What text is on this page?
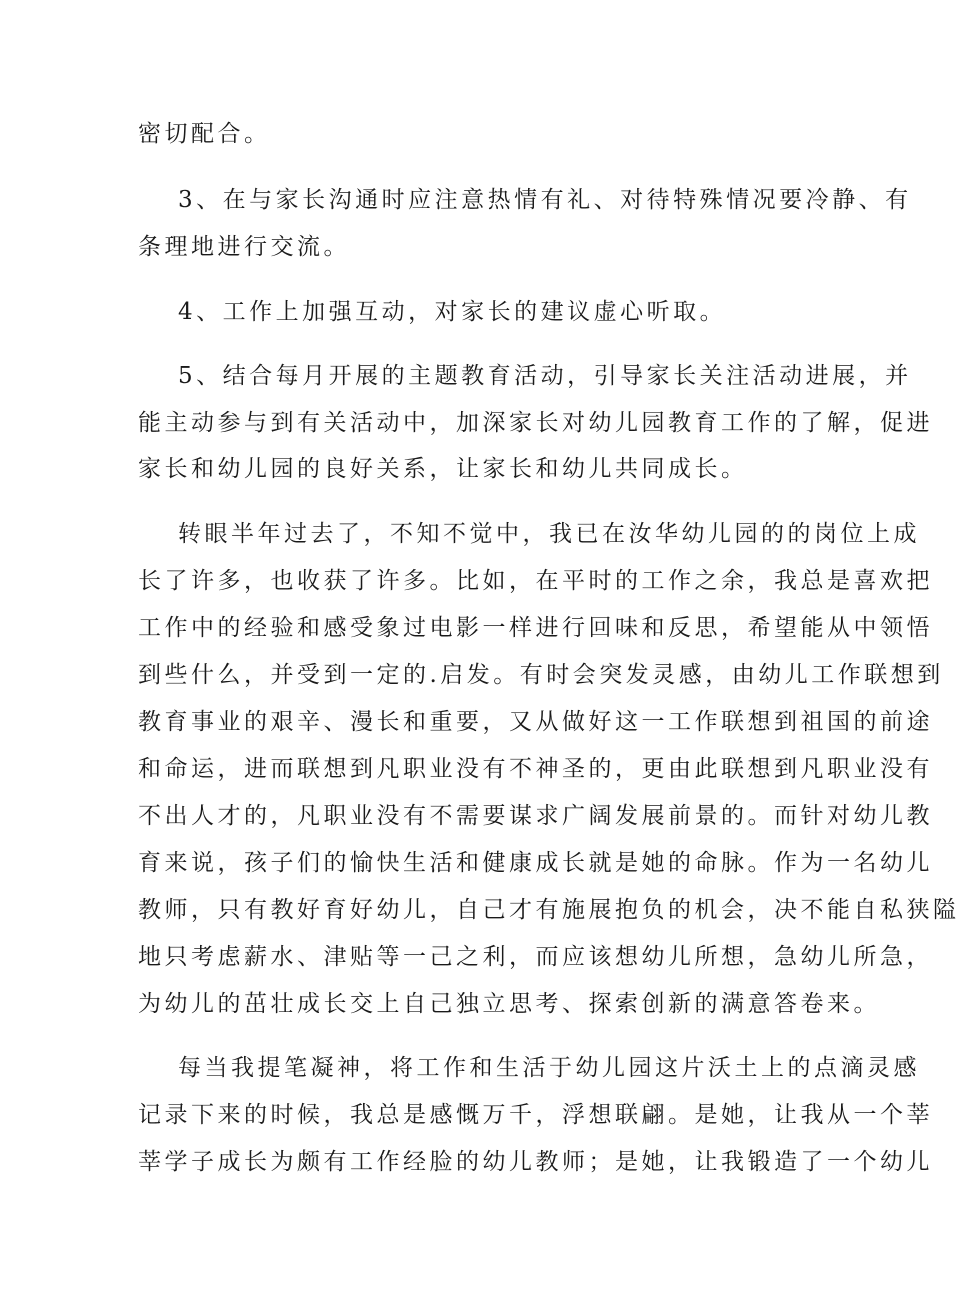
密切配合。
3、在与家长沟通时应注意热情有礼、对待特殊情况要冷静、有
条理地进行交流。
4、工作上加强互动，对家长的建议虚心听取。
5、结合每月开展的主题教育活动，引导家长关注活动进展，并
能主动参与到有关活动中，加深家长对幼儿园教育工作的了解，促进
家长和幼儿园的良好关系，让家长和幼儿共同成长。
转眼半年过去了，不知不觉中，我已在汝华幼儿园的的岗位上成
长了许多，也收获了许多。比如，在平时的工作之余，我总是喜欢把
工作中的经验和感受象过电影一样进行回味和反思，希望能从中领悟
到些什么，并受到一定的.启发。有时会突发灵感，由幼儿工作联想到
教育事业的艰辛、漫长和重要，又从做好这一工作联想到祖国的前途
和命运，进而联想到凡职业没有不神圣的，更由此联想到凡职业没有
不出人才的，凡职业没有不需要谋求广阔发展前景的。而针对幼儿教
育来说，孩子们的愉快生活和健康成长就是她的命脉。作为一名幼儿
教师，只有教好育好幼儿，自己才有施展抱负的机会，决不能自私狭隘
地只考虑薪水、津贴等一己之利，而应该想幼儿所想，急幼儿所急，
为幼儿的茁壮成长交上自己独立思考、探索创新的满意答卷来。
每当我提笔凝神，将工作和生活于幼儿园这片沃土上的点滴灵感
记录下来的时候，我总是感慨万千，浮想联翩。是她，让我从一个莘
莘学子成长为颇有工作经脸的幼儿教师；是她，让我锻造了一个幼儿
